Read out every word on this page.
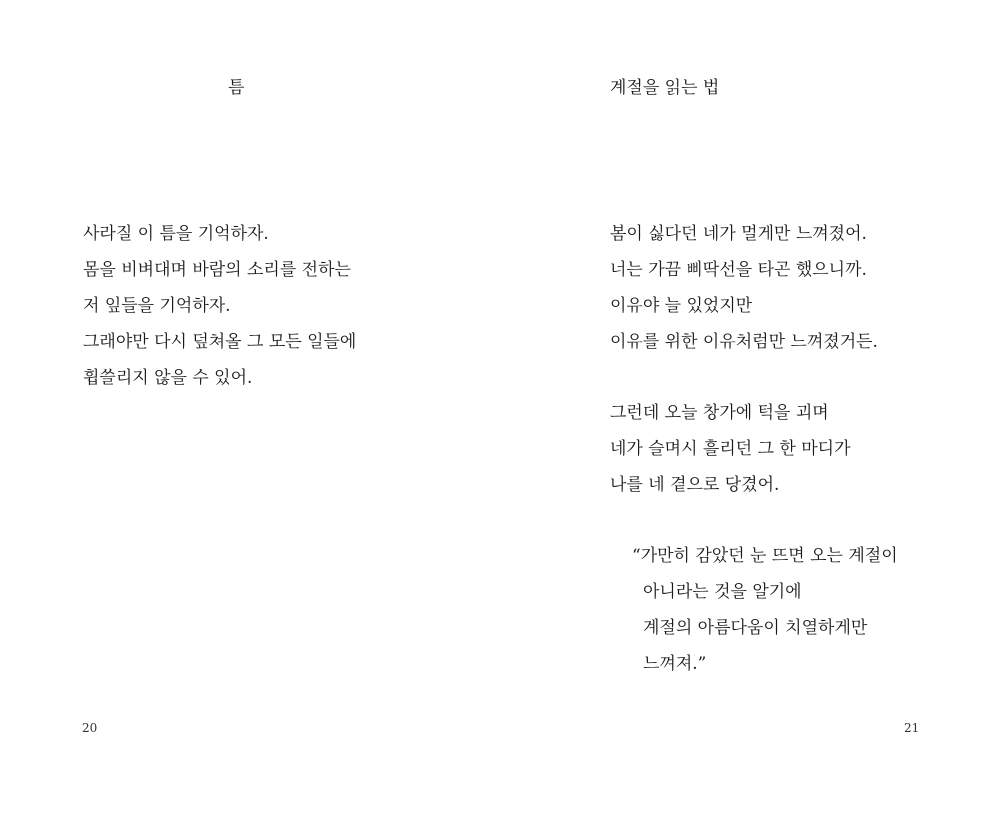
틈
사라질 이 틈을 기억하자.
몸을 비벼대며 바람의 소리를 전하는
저 잎들을 기억하자.
그래야만 다시 덮쳐올 그 모든 일들에
휩쓸리지 않을 수 있어.
20
계절을 읽는 법
봄이 싫다던 네가 멀게만 느껴졌어.
너는 가끔 삐딱선을 타곤 했으니까.
이유야 늘 있었지만
이유를 위한 이유처럼만 느껴졌거든.
그런데 오늘 창가에 턱을 괴며
네가 슬며시 흘리던 그 한 마디가
나를 네 곁으로 당겼어.
“가만히 감았던 눈 뜨면 오는 계절이
아니라는 것을 알기에
계절의 아름다움이 치열하게만
느껴져.”
21
